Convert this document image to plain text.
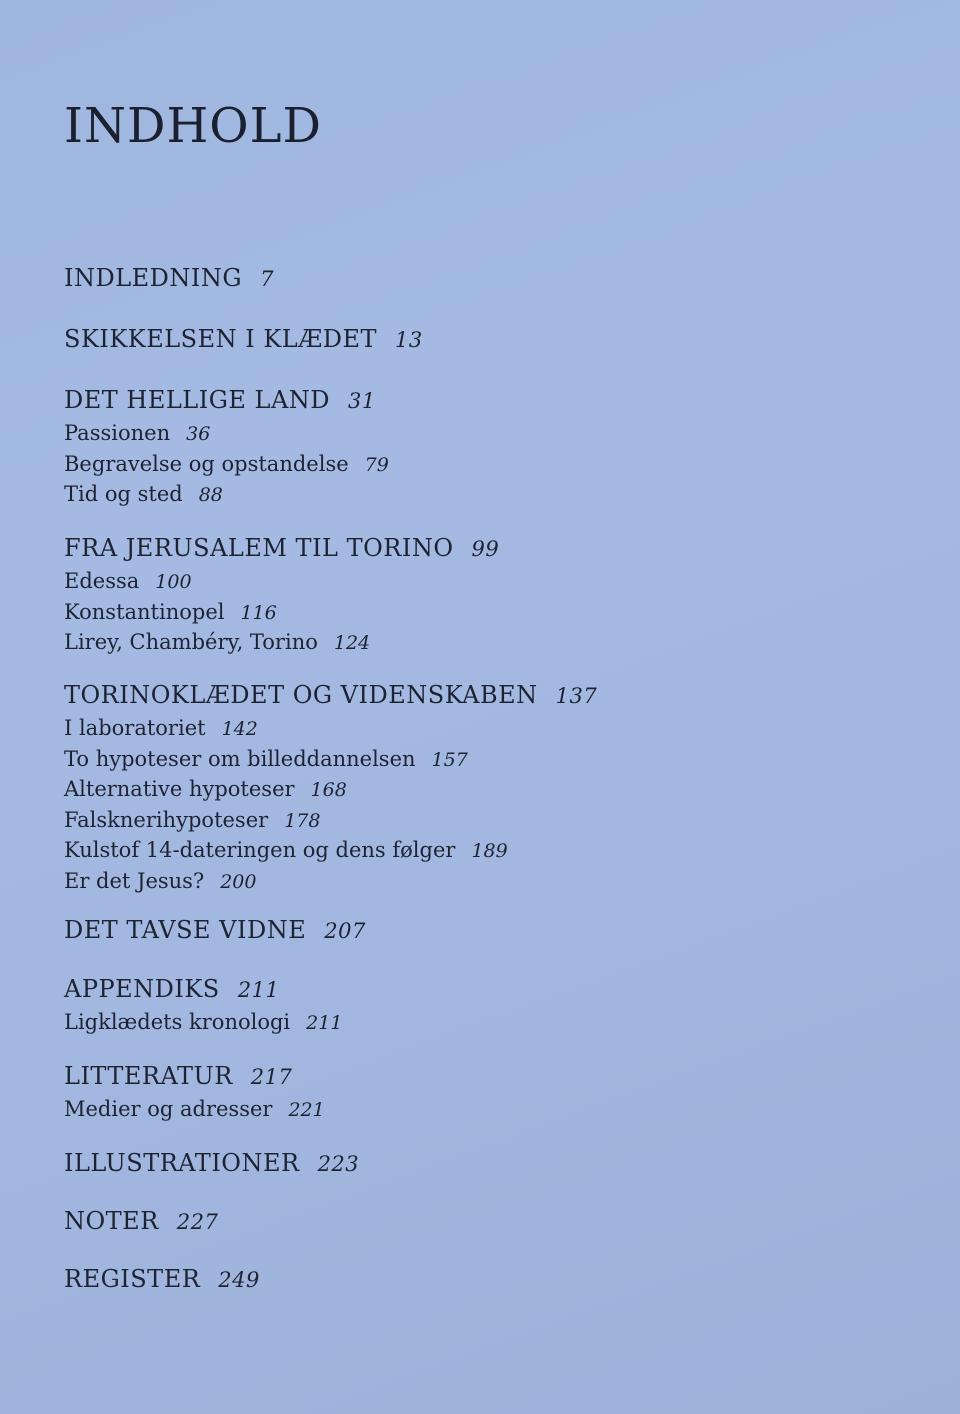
INDHOLD
INDLEDNING 7
SKIKKELSEN I KLÆDET 13
DET HELLIGE LAND 31
Passionen 36
Begravelse og opstandelse 79
Tid og sted 88
FRA JERUSALEM TIL TORINO 99
Edessa 100
Konstantinopel 116
Lirey, Chambéry, Torino 124
TORINOKLÆDET OG VIDENSKABEN 137
I laboratoriet 142
To hypoteser om billeddannelsen 157
Alternative hypoteser 168
Falsknerihypoteser 178
Kulstof 14-dateringen og dens følger 189
Er det Jesus? 200
DET TAVSE VIDNE 207
APPENDIKS 211
Ligklædets kronologi 211
LITTERATUR 217
Medier og adresser 221
ILLUSTRATIONER 223
NOTER 227
REGISTER 249
